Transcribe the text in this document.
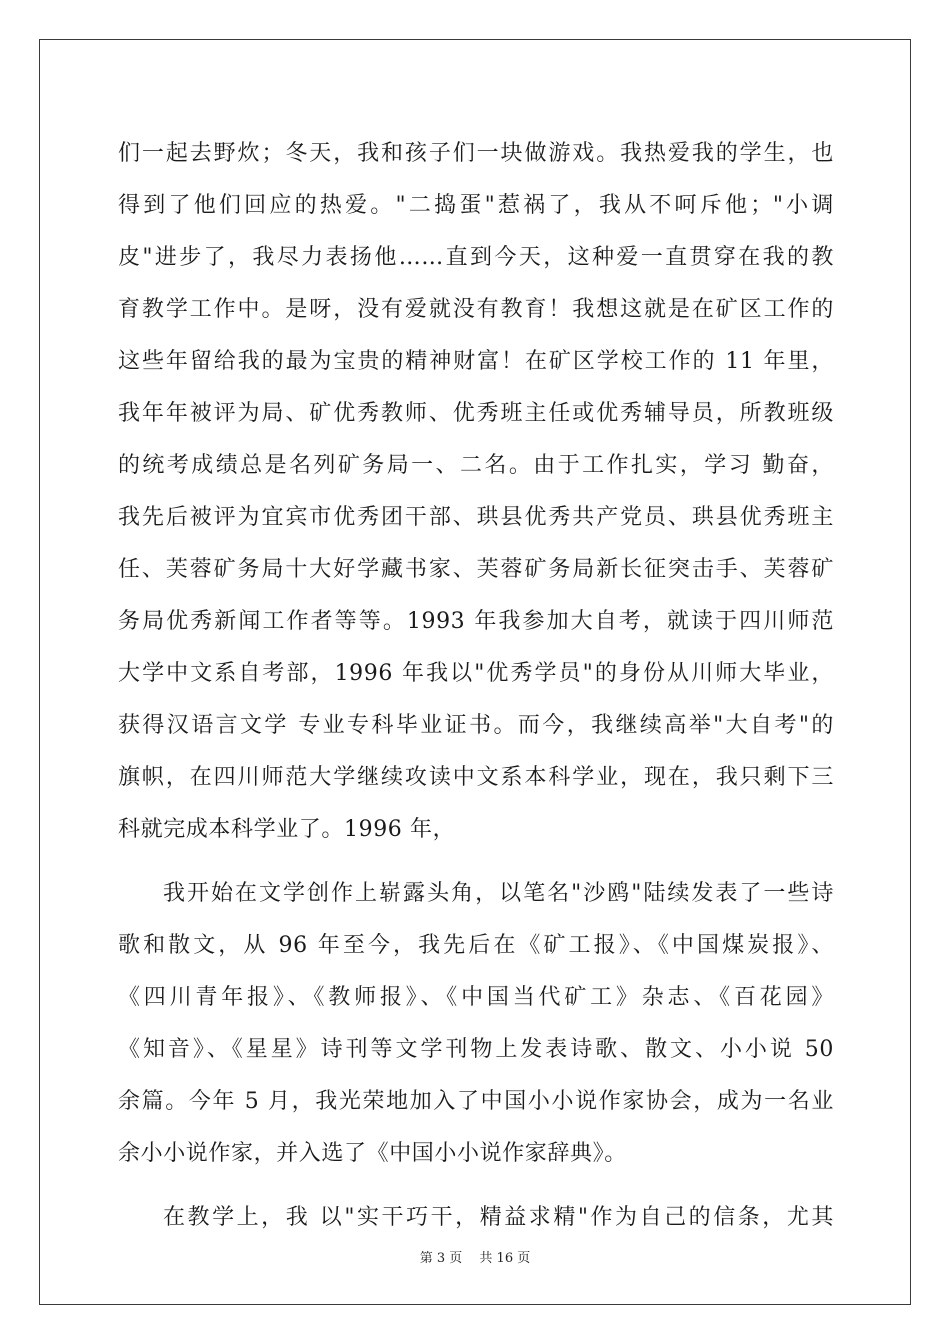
们一起去野炊；冬天，我和孩子们一块做游戏。我热爱我的学生，也
得到了他们回应的热爱。"二捣蛋"惹祸了，我从不呵斥他；"小调
皮"进步了，我尽力表扬他……直到今天，这种爱一直贯穿在我的教
育教学工作中。是呀，没有爱就没有教育！我想这就是在矿区工作的
这些年留给我的最为宝贵的精神财富！在矿区学校工作的 11 年里，
我年年被评为局、矿优秀教师、优秀班主任或优秀辅导员，所教班级
的统考成绩总是名列矿务局一、二名。由于工作扎实，学习 勤奋，
我先后被评为宜宾市优秀团干部、珙县优秀共产党员、珙县优秀班主
任、芙蓉矿务局十大好学藏书家、芙蓉矿务局新长征突击手、芙蓉矿
务局优秀新闻工作者等等。1993 年我参加大自考，就读于四川师范
大学中文系自考部，1996 年我以"优秀学员"的身份从川师大毕业，
获得汉语言文学 专业专科毕业证书。而今，我继续高举"大自考"的
旗帜，在四川师范大学继续攻读中文系本科学业，现在，我只剩下三
科就完成本科学业了。1996 年，
我开始在文学创作上崭露头角，以笔名"沙鸥"陆续发表了一些诗
歌和散文，从 96 年至今，我先后在《矿工报》、《中国煤炭报》、
《四川青年报》、《教师报》、《中国当代矿工》杂志、《百花园》
《知音》、《星星》诗刊等文学刊物上发表诗歌、散文、小小说 50
余篇。今年 5 月，我光荣地加入了中国小小说作家协会，成为一名业
余小小说作家，并入选了《中国小小说作家辞典》。
在教学上，我 以"实干巧干，精益求精"作为自己的信条，尤其
第 3 页　 共 16 页
